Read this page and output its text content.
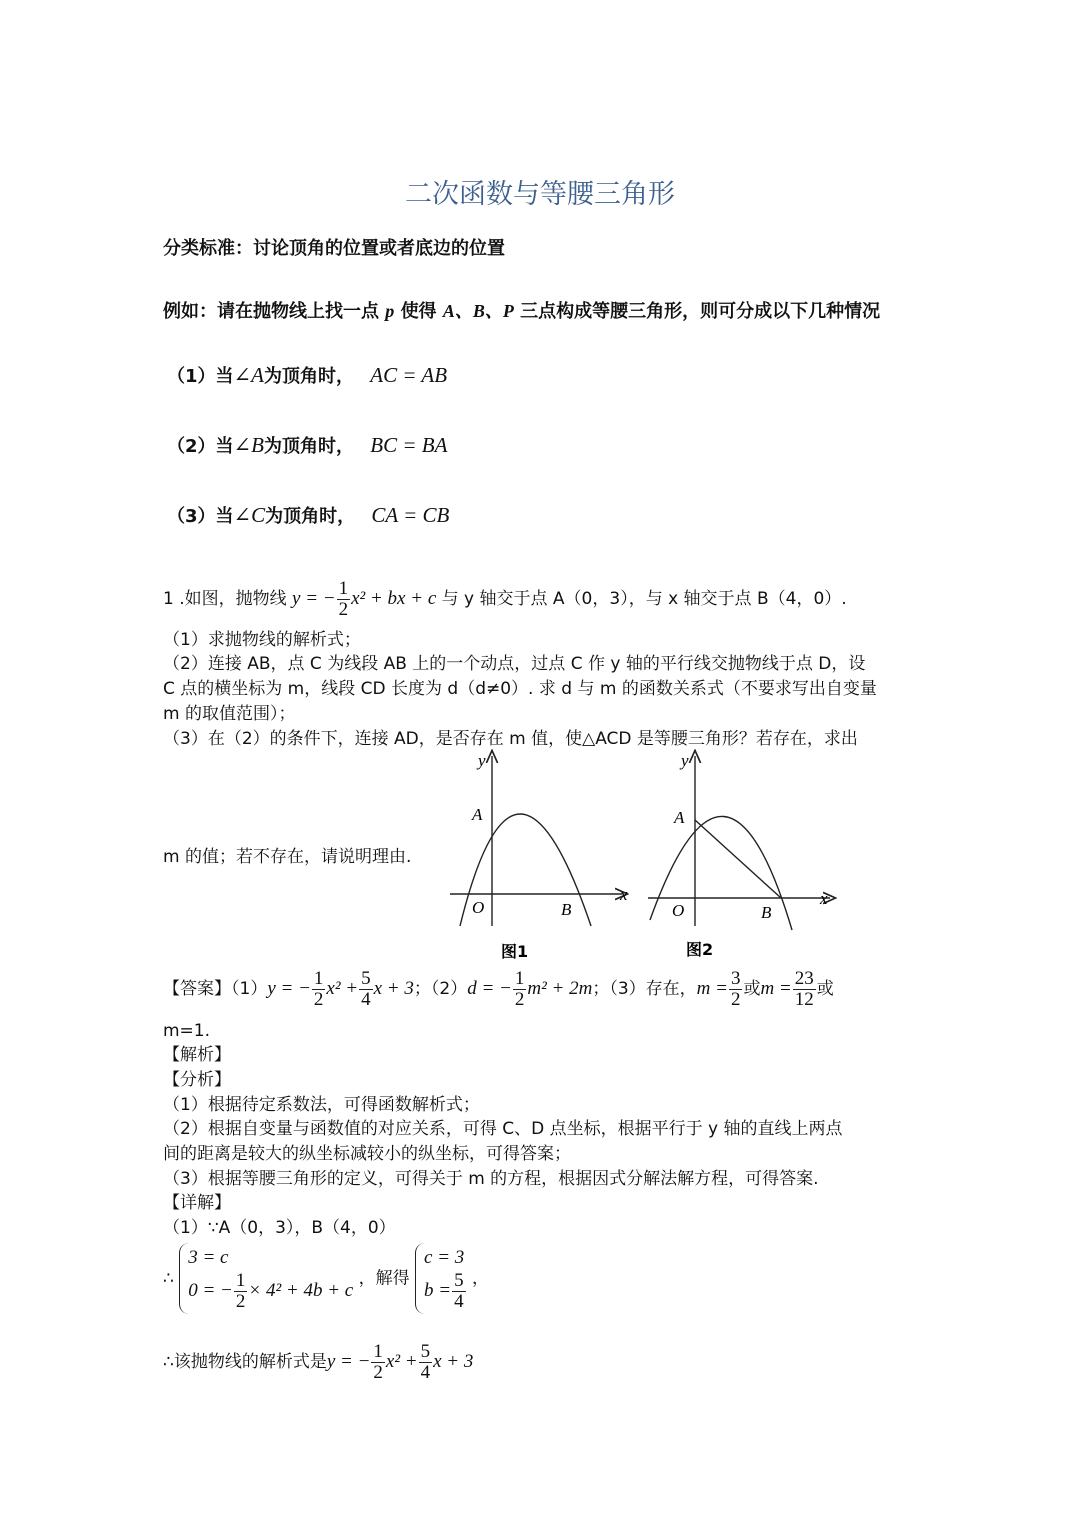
二次函数与等腰三角形
分类标准：讨论顶角的位置或者底边的位置
例如：请在抛物线上找一点 p 使得 A、B、P 三点构成等腰三角形，则可分成以下几种情况
（1）当∠A为顶角时， AC = AB
（2）当∠B为顶角时， BC = BA
（3）当∠C为顶角时， CA = CB
1 .如图，抛物线 y = − $\frac{1}{2} x^2$ + bx + c 与 y 轴交于点 A（0，3），与 x 轴交于点 B（4，0）.
（1）求抛物线的解析式；
（2）连接 AB，点 C 为线段 AB 上的一个动点，过点 C 作 y 轴的平行线交抛物线于点 D，设
C 点的横坐标为 m，线段 CD 长度为 d（d≠0）. 求 d 与 m 的函数关系式（不要求写出自变量
m 的取值范围）；
（3）在（2）的条件下，连接 AD，是否存在 m 值，使△ACD 是等腰三角形？若存在，求出
m 的值；若不存在，请说明理由.
y
x
A
O	B
图1
y
x
A
O	B
图2
【答案】（1）y = − $\frac{1}{2} x^2 + \frac{5}{4}$ x + 3；（2）d = − $\frac{1}{2} m^2 + 2m$；（3）存在，$m = \frac{3}{2}$ 或$m = \frac{23}{12}$ 或
m=1.
【解析】
【分析】
（1）根据待定系数法，可得函数解析式；
（2）根据自变量与函数值的对应关系，可得 C、D 点坐标，根据平行于 y 轴的直线上两点
间的距离是较大的纵坐标减较小的纵坐标，可得答案；
（3）根据等腰三角形的定义，可得关于 m 的方程，根据因式分解法解方程，可得答案.
【详解】
（1）∵A（0，3），B（4，0）
∴
3 = c
0 = − $\frac{1}{2} \times 4^2 + 4b + c$
，解得
c = 3
$b = \frac{5}{4}$ ，
∴该抛物线的解析式是y = − $\frac{1}{2} x^2 + \frac{5}{4}$ x + 3
